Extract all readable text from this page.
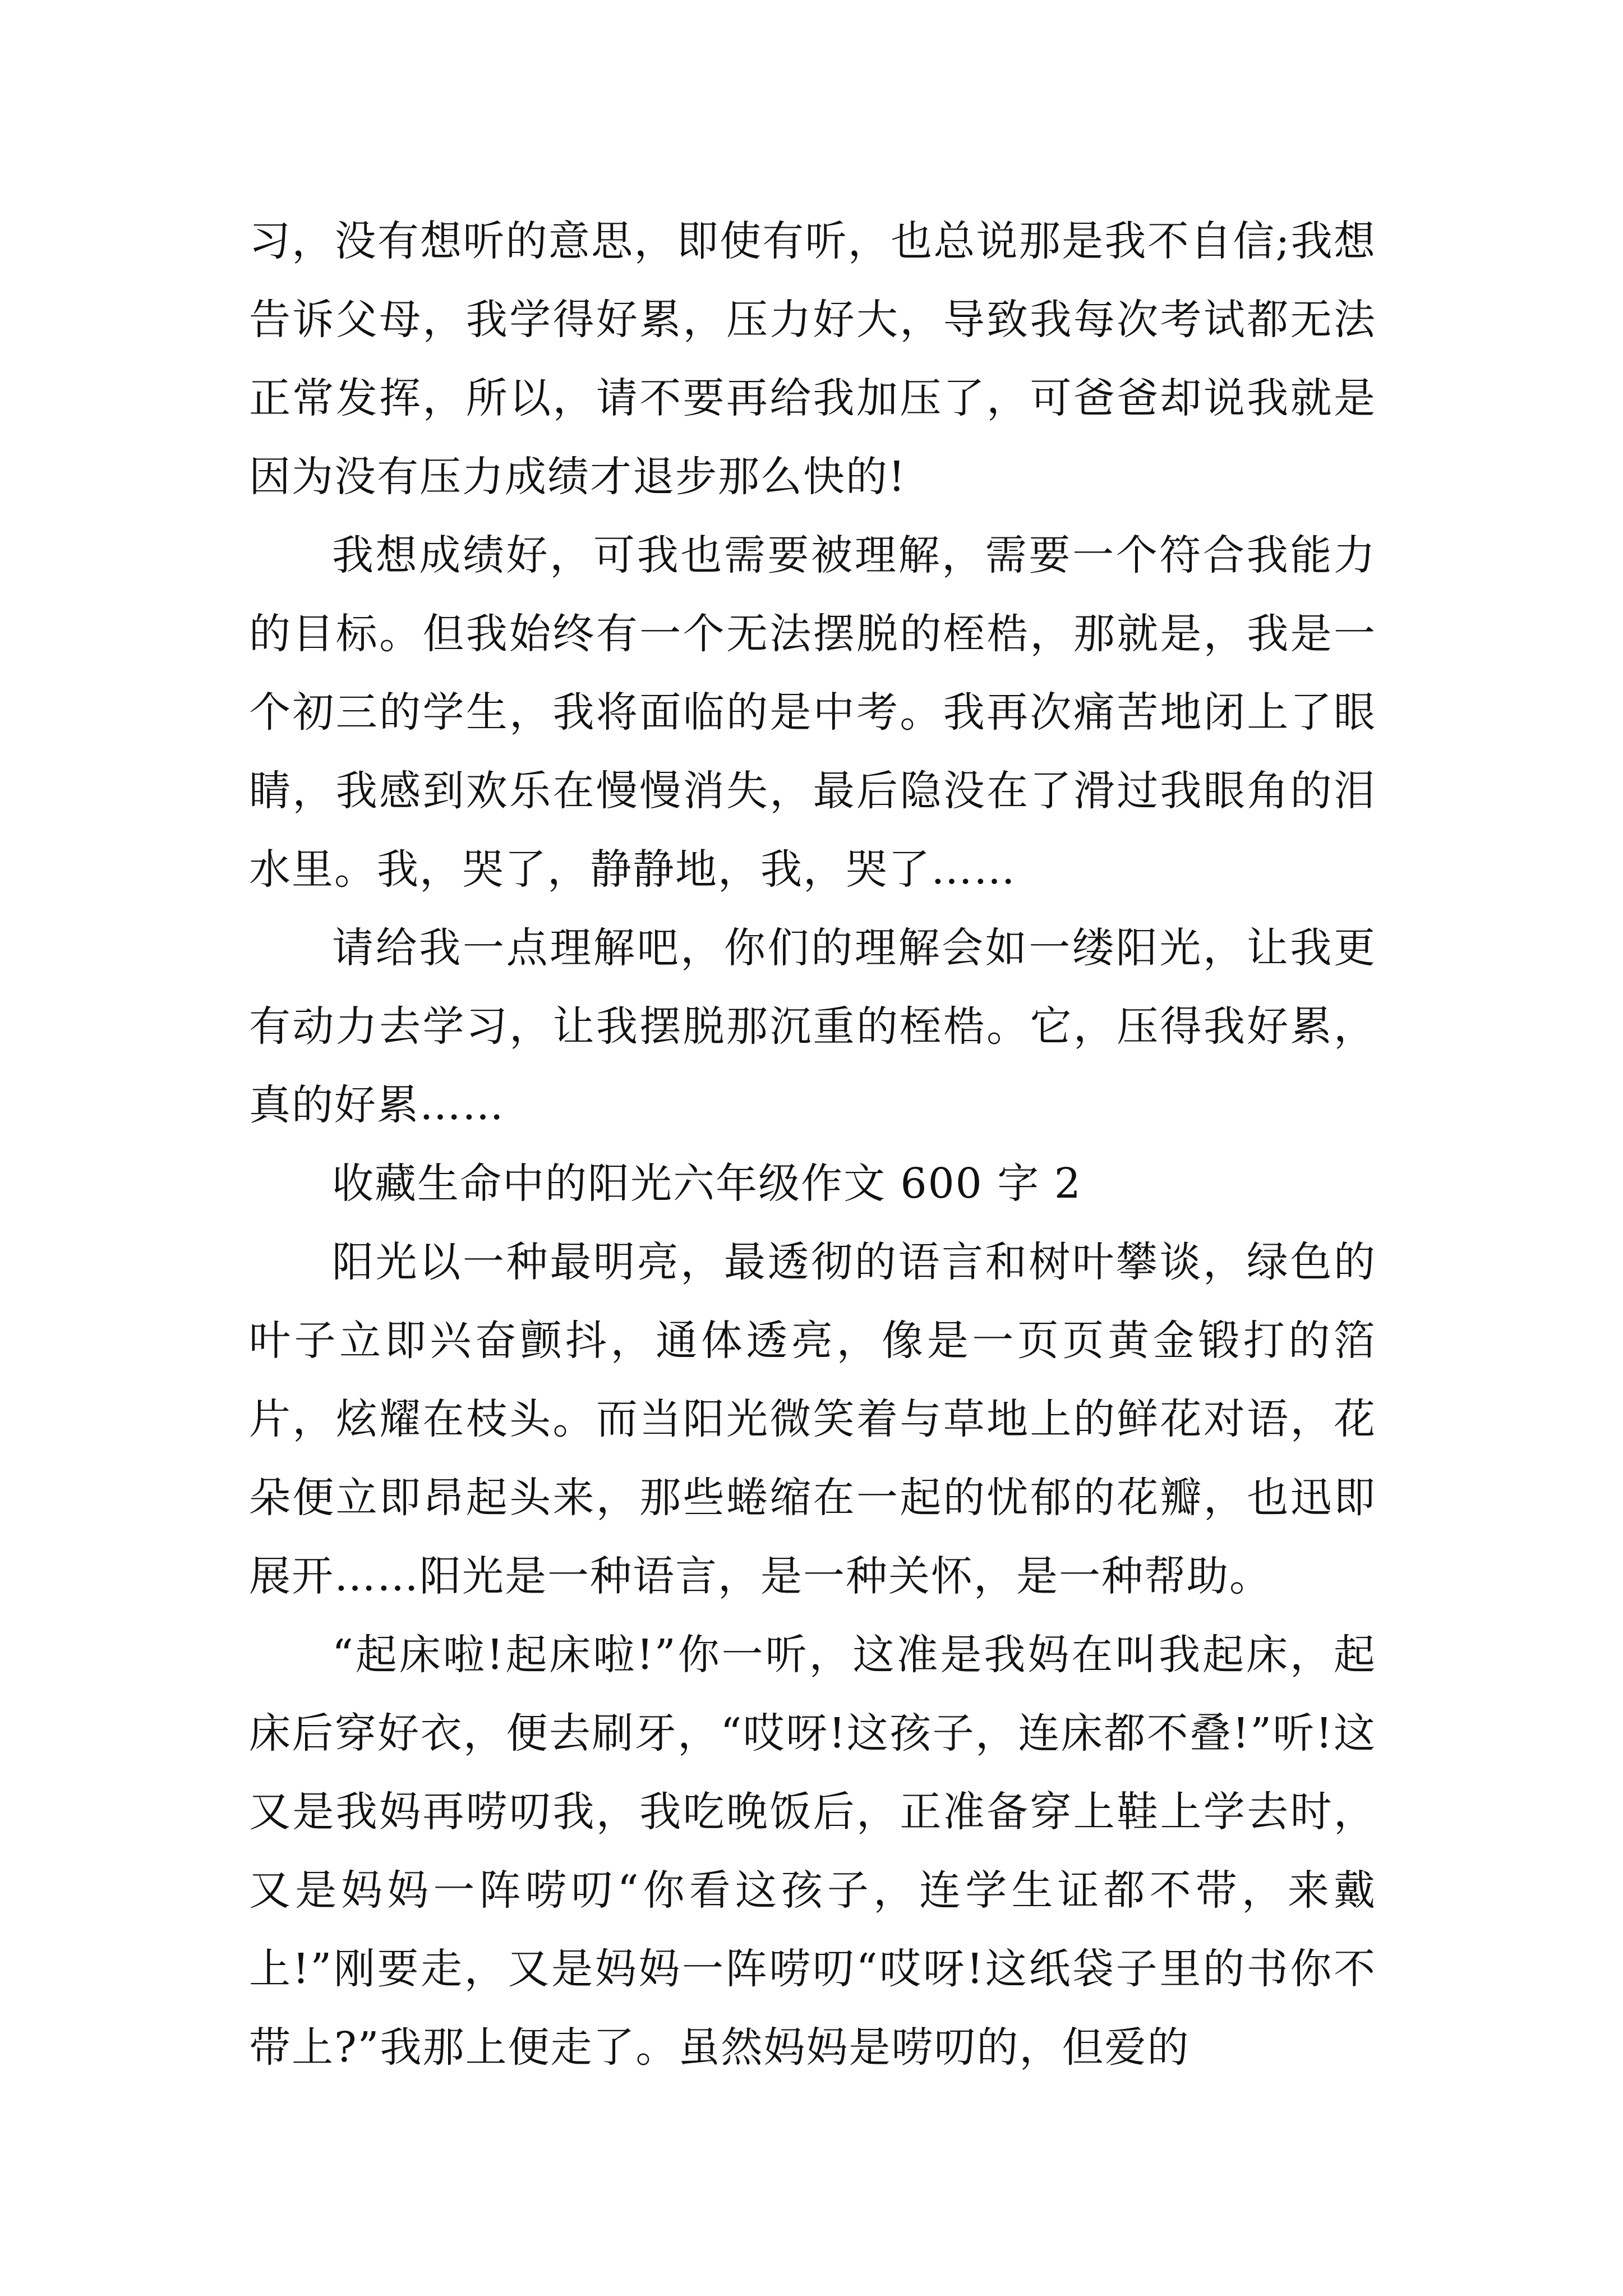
习，没有想听的意思，即使有听，也总说那是我不自信;我想告诉父母，我学得好累，压力好大，导致我每次考试都无法正常发挥，所以，请不要再给我加压了，可爸爸却说我就是因为没有压力成绩才退步那么快的!

我想成绩好，可我也需要被理解，需要一个符合我能力的目标。但我始终有一个无法摆脱的桎梏，那就是，我是一个初三的学生，我将面临的是中考。我再次痛苦地闭上了眼睛，我感到欢乐在慢慢消失，最后隐没在了滑过我眼角的泪水里。我，哭了，静静地，我，哭了……

请给我一点理解吧，你们的理解会如一缕阳光，让我更有动力去学习，让我摆脱那沉重的桎梏。它，压得我好累，真的好累……

收藏生命中的阳光六年级作文 600 字 2

阳光以一种最明亮，最透彻的语言和树叶攀谈，绿色的叶子立即兴奋颤抖，通体透亮，像是一页页黄金锻打的箔片，炫耀在枝头。而当阳光微笑着与草地上的鲜花对语，花朵便立即昂起头来，那些蜷缩在一起的忧郁的花瓣，也迅即展开……阳光是一种语言，是一种关怀，是一种帮助。

“起床啦!起床啦!”你一听，这准是我妈在叫我起床，起床后穿好衣，便去刷牙，“哎呀!这孩子，连床都不叠!”听!这又是我妈再唠叨我，我吃晚饭后，正准备穿上鞋上学去时，又是妈妈一阵唠叨“你看这孩子，连学生证都不带，来戴上!”刚要走，又是妈妈一阵唠叨“哎呀!这纸袋子里的书你不带上?”我那上便走了。虽然妈妈是唠叨的，但爱的
